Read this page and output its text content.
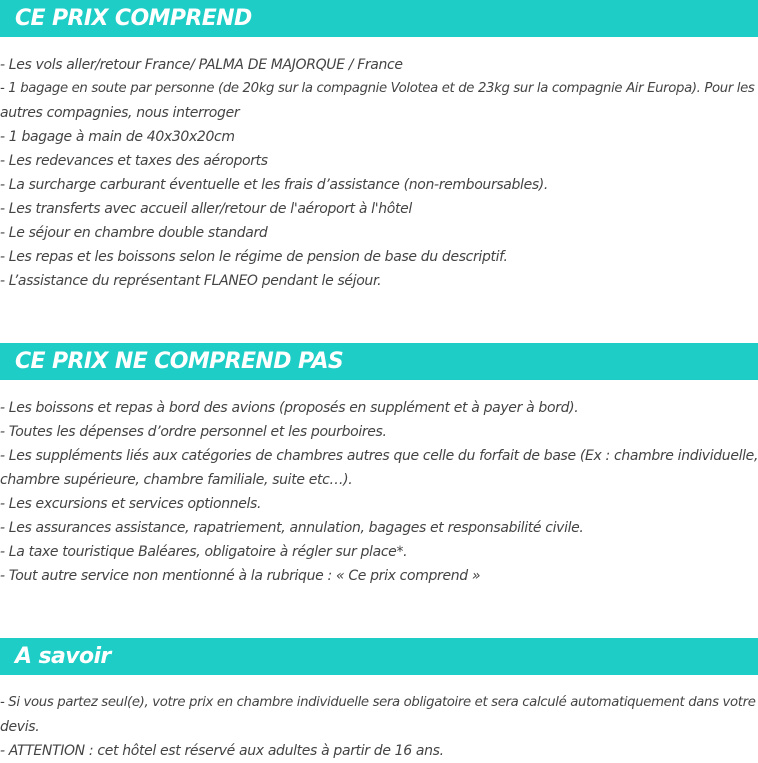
CE PRIX COMPREND
- Les vols aller/retour France/ PALMA DE MAJORQUE / France
- 1 bagage en soute par personne (de 20kg sur la compagnie Volotea et de 23kg sur la compagnie Air Europa). Pour les
autres compagnies, nous interroger
- 1 bagage à main de 40x30x20cm
- Les redevances et taxes des aéroports
- La surcharge carburant éventuelle et les frais d’assistance (non-remboursables).
- Les transferts avec accueil aller/retour de l'aéroport à l'hôtel
- Le séjour en chambre double standard
- Les repas et les boissons selon le régime de pension de base du descriptif.
- L’assistance du représentant FLANEO pendant le séjour.
CE PRIX NE COMPREND PAS
- Les boissons et repas à bord des avions (proposés en supplément et à payer à bord).
- Toutes les dépenses d’ordre personnel et les pourboires.
- Les suppléments liés aux catégories de chambres autres que celle du forfait de base (Ex : chambre individuelle,
chambre supérieure, chambre familiale, suite etc…).
- Les excursions et services optionnels.
- Les assurances assistance, rapatriement, annulation, bagages et responsabilité civile.
- La taxe touristique Baléares, obligatoire à régler sur place*.
- Tout autre service non mentionné à la rubrique : « Ce prix comprend »
A savoir
- Si vous partez seul(e), votre prix en chambre individuelle sera obligatoire et sera calculé automatiquement dans votre
devis.
- ATTENTION : cet hôtel est réservé aux adultes à partir de 16 ans.
